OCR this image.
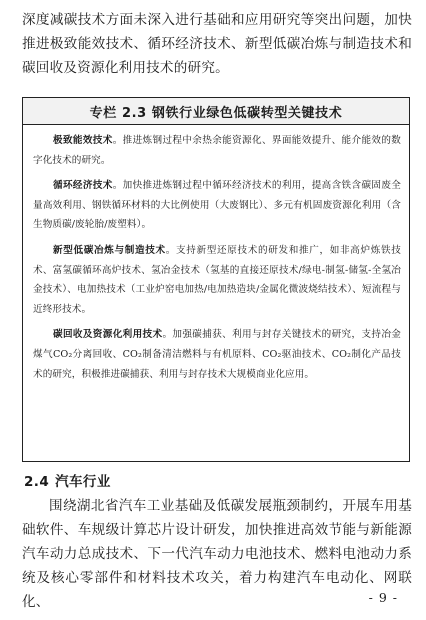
深度减碳技术方面未深入进行基础和应用研究等突出问题，加快推进极致能效技术、循环经济技术、新型低碳冶炼与制造技术和碳回收及资源化利用技术的研究。

专栏 2.3 钢铁行业绿色低碳转型关键技术

极致能效技术。推进炼钢过程中余热余能资源化、界面能效提升、能介能效的数字化技术的研究。

循环经济技术。加快推进炼钢过程中循环经济技术的利用，提高含铁含碳固废全量高效利用、钢铁循环材料的大比例使用（大废钢比）、多元有机固废资源化利用（含生物质碳/废轮胎/废塑料）。

新型低碳冶炼与制造技术。支持新型还原技术的研发和推广，如非高炉炼铁技术、富氢碳循环高炉技术、氢冶金技术（氢基的直接还原技术/绿电-制氢-储氢-全氢冶金技术）、电加热技术（工业炉窑电加热/电加热造块/金属化微波烧结技术）、短流程与近终形技术。

碳回收及资源化利用技术。加强碳捕获、利用与封存关键技术的研究，支持冶金煤气CO₂分离回收、CO₂制备清洁燃料与有机原料、CO₂驱油技术、CO₂制化产品技术的研究，积极推进碳捕获、利用与封存技术大规模商业化应用。

2.4 汽车行业

围绕湖北省汽车工业基础及低碳发展瓶颈制约，开展车用基础软件、车规级计算芯片设计研发，加快推进高效节能与新能源汽车动力总成技术、下一代汽车动力电池技术、燃料电池动力系统及核心零部件和材料技术攻关，着力构建汽车电动化、网联化、	- 9 -
